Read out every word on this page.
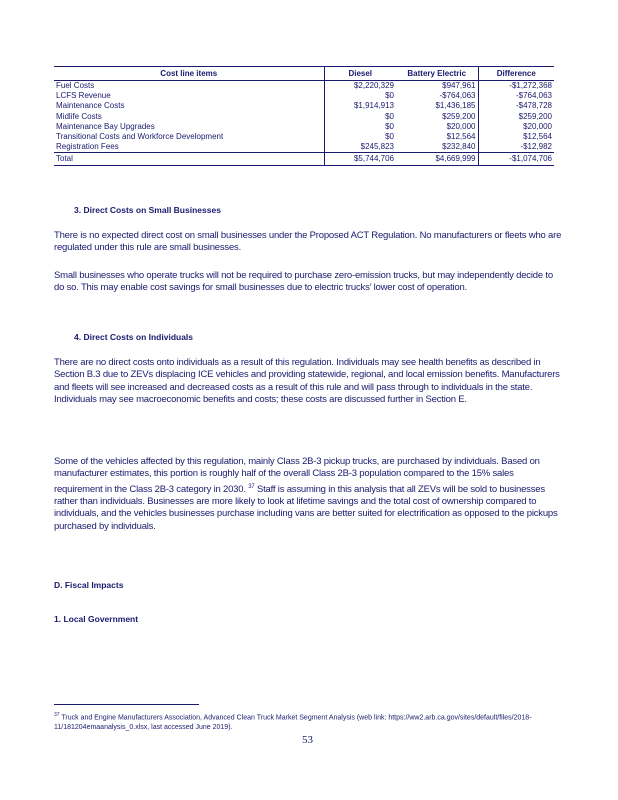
Cost line items	Diesel	Battery Electric	Difference
Fuel Costs	$2,220,329	$947,961	-$1,272,368
LCFS Revenue	$0	-$764,063	-$764,063
Maintenance Costs	$1,914,913	$1,436,185	-$478,728
Midlife Costs	$0	$259,200	$259,200
Maintenance Bay Upgrades	$0	$20,000	$20,000
Transitional Costs and Workforce Development	$0	$12,564	$12,564
Registration Fees	$245,823	$232,840	-$12,982
Total	$5,744,706	$4,669,999	-$1,074,706
3. Direct Costs on Small Businesses
There is no expected direct cost on small businesses under the Proposed ACT Regulation. No manufacturers or fleets who are regulated under this rule are small businesses.
Small businesses who operate trucks will not be required to purchase zero-emission trucks, but may independently decide to do so. This may enable cost savings for small businesses due to electric trucks’ lower cost of operation.
4. Direct Costs on Individuals
There are no direct costs onto individuals as a result of this regulation. Individuals may see health benefits as described in Section B.3 due to ZEVs displacing ICE vehicles and providing statewide, regional, and local emission benefits. Manufacturers and fleets will see increased and decreased costs as a result of this rule and will pass through to individuals in the state. Individuals may see macroeconomic benefits and costs; these costs are discussed further in Section E.
Some of the vehicles affected by this regulation, mainly Class 2B-3 pickup trucks, are purchased by individuals. Based on manufacturer estimates, this portion is roughly half of the overall Class 2B-3 population compared to the 15% sales requirement in the Class 2B-3 category in 2030. $^{37}$ Staff is assuming in this analysis that all ZEVs will be sold to businesses rather than individuals. Businesses are more likely to look at lifetime savings and the total cost of ownership compared to individuals, and the vehicles businesses purchase including vans are better suited for electrification as opposed to the pickups purchased by individuals.
D. Fiscal Impacts
1. Local Government
$^{37}$ Truck and Engine Manufacturers Association, Advanced Clean Truck Market Segment Analysis (web link: https://ww2.arb.ca.gov/sites/default/files/2018-11/181204emaanalysis_0.xlsx, last accessed June 2019).
53
